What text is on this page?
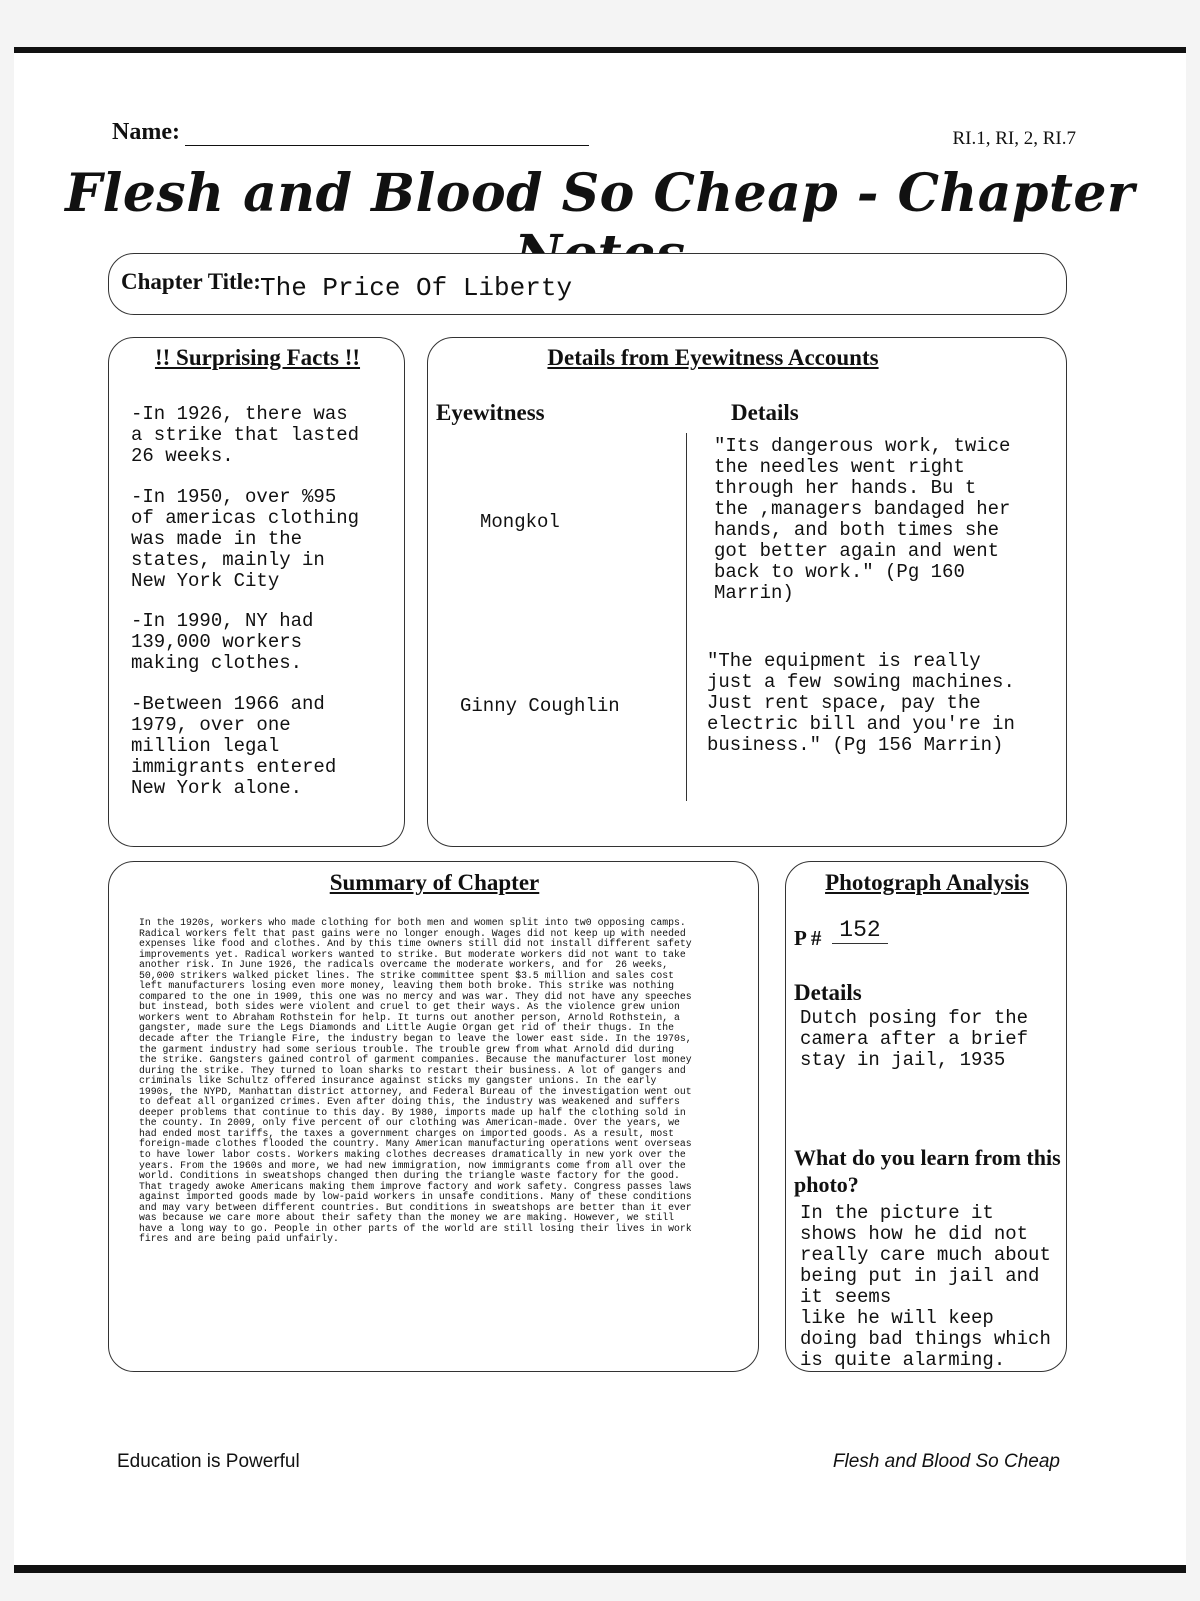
Name:	RI.1, RI, 2, RI.7
Flesh and Blood So Cheap - Chapter
Chapter Title: The Price Of Liberty
!! Surprising Facts !!
-In 1926, there was
a strike that lasted
26 weeks.
-In 1950, over %95
of americas clothing
was made in the
states, mainly in
New York City
-In 1990, NY had
139,000 workers
making clothes.
-Between 1966 and
1979, over one
million legal
immigrants entered
New York alone.
Details from Eyewitness Accounts
Eyewitness	Details
Mongkol
"Its dangerous work, twice
the needles went right
through her hands. Bu t
the ,managers bandaged her
hands, and both times she
got better again and went
back to work." (Pg 160
Marrin)
Ginny Coughlin
"The equipment is really
just a few sowing machines.
Just rent space, pay the
electric bill and you're in
business." (Pg 156 Marrin)
Summary of Chapter
In the 1920s, workers who made clothing for both men and women split into tw0 opposing camps.
Radical workers felt that past gains were no longer enough. Wages did not keep up with needed
expenses like food and clothes. And by this time owners still did not install different safety
improvements yet. Radical workers wanted to strike. But moderate workers did not want to take
another risk. In June 1926, the radicals overcame the moderate workers, and for  26 weeks,
50,000 strikers walked picket lines. The strike committee spent $3.5 million and sales cost
left manufacturers losing even more money, leaving them both broke. This strike was nothing
compared to the one in 1909, this one was no mercy and was war. They did not have any speeches
but instead, both sides were violent and cruel to get their ways. As the violence grew union
workers went to Abraham Rothstein for help. It turns out another person, Arnold Rothstein, a
gangster, made sure the Legs Diamonds and Little Augie Organ get rid of their thugs. In the
decade after the Triangle Fire, the industry began to leave the lower east side. In the 1970s,
the garment industry had some serious trouble. The trouble grew from what Arnold did during
the strike. Gangsters gained control of garment companies. Because the manufacturer lost money
during the strike. They turned to loan sharks to restart their business. A lot of gangers and
criminals like Schultz offered insurance against sticks my gangster unions. In the early
1990s, the NYPD, Manhattan district attorney, and Federal Bureau of the investigation went out
to defeat all organized crimes. Even after doing this, the industry was weakened and suffers
deeper problems that continue to this day. By 1980, imports made up half the clothing sold in
the county. In 2009, only five percent of our clothing was American-made. Over the years, we
had ended most tariffs, the taxes a government charges on imported goods. As a result, most
foreign-made clothes flooded the country. Many American manufacturing operations went overseas
to have lower labor costs. Workers making clothes decreases dramatically in new york over the
years. From the 1960s and more, we had new immigration, now immigrants come from all over the
world. Conditions in sweatshops changed then during the triangle waste factory for the good.
That tragedy awoke Americans making them improve factory and work safety. Congress passes laws
against imported goods made by low-paid workers in unsafe conditions. Many of these conditions
and may vary between different countries. But conditions in sweatshops are better than it ever
was because we care more about their safety than the money we are making. However, we still
have a long way to go. People in other parts of the world are still losing their lives in work
fires and are being paid unfairly.
Photograph Analysis
P # 152
Details
Dutch posing for the
camera after a brief
stay in jail, 1935
What do you learn from this
photo?
In the picture it
shows how he did not
really care much about
being put in jail and
it seems
like he will keep
doing bad things which
is quite alarming.
Education is Powerful	Flesh and Blood So Cheap
